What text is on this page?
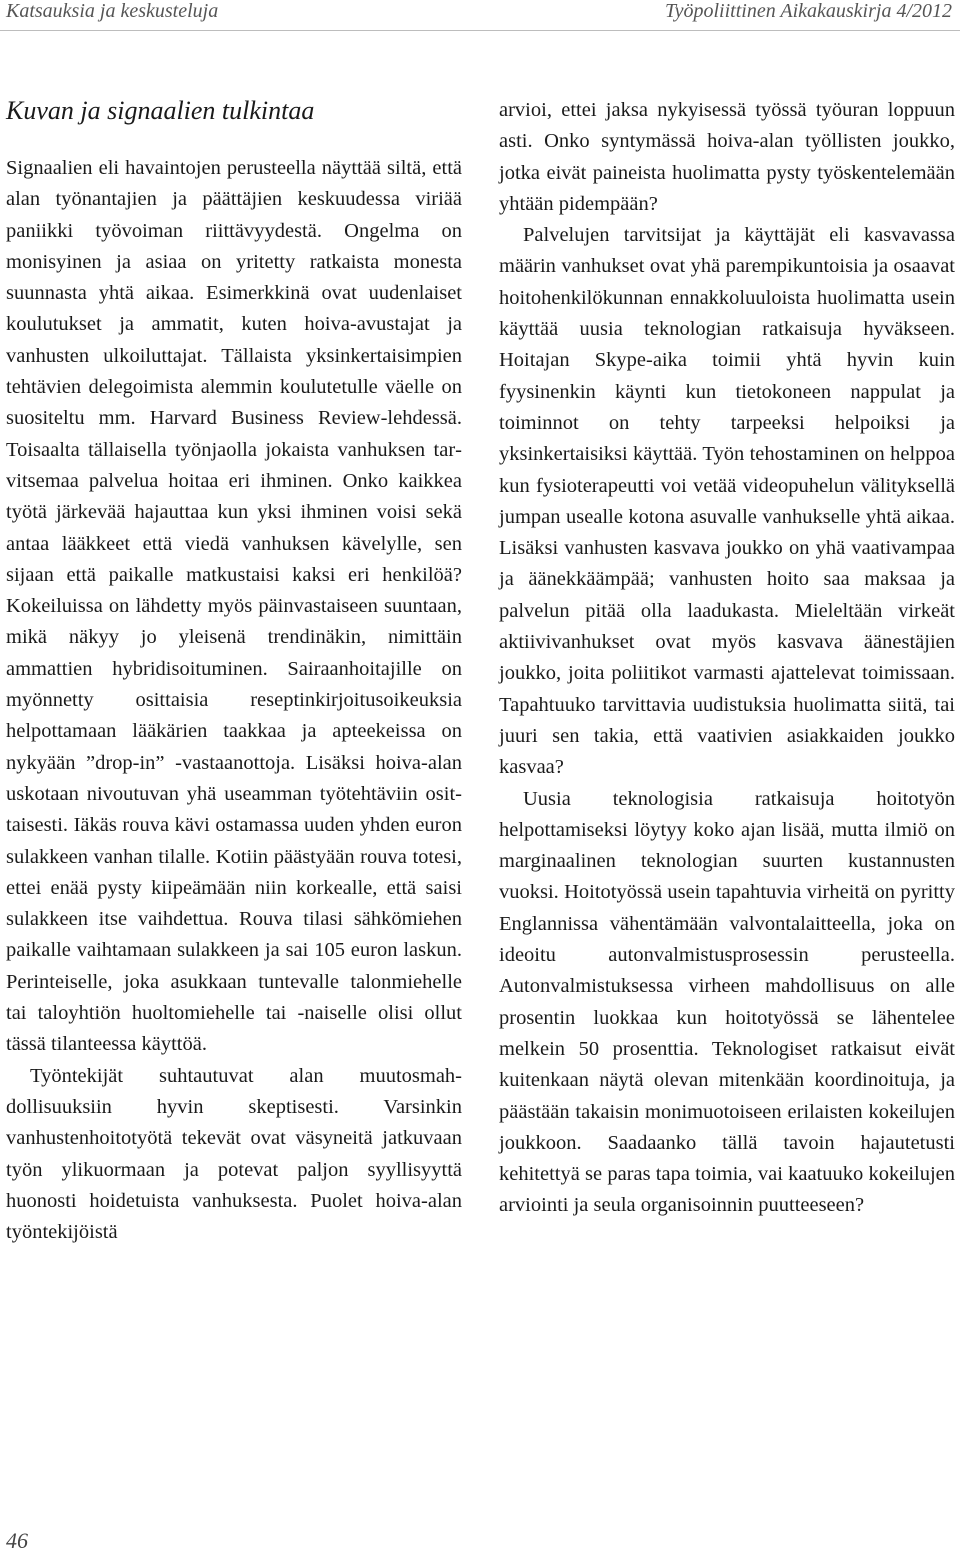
Katsauksia ja keskusteluja	Työpoliittinen Aikakauskirja 4/2012
Kuvan ja signaalien tulkintaa

Signaalien eli havaintojen perusteella näyttää siltä, että alan työnantajien ja päättäjien keskuudessa viriää paniikki työvoiman riittävyydestä. Ongelma on monisyinen ja asiaa on yritetty ratkaista monesta suunnasta yhtä aikaa. Esimerkkinä ovat uudenlaiset koulutukset ja ammatit, kuten hoiva-avustajat ja vanhusten ulkoiluttajat. Tällaista yksinkertaisimpien tehtävien delegoimista alemmin koulutetulle väelle on suositeltu mm. Harvard Business Review-lehdessä. Toisaalta tällaisella työnjaolla jokaista vanhuksen tarvitsemaa palvelua hoitaa eri ihminen. Onko kaikkea työtä järkevää hajauttaa kun yksi ihminen voisi sekä antaa lääkkeet että viedä vanhuksen kävelylle, sen sijaan että paikalle matkustaisi kaksi eri henkilöä? Kokeiluissa on lähdetty myös päinvastaiseen suuntaan, mikä näkyy jo yleisenä trendinäkin, nimittäin ammattien hybridisoituminen. Sairaanhoitajille on myönnetty osittaisia reseptinkirjoitusoikeuksia helpottamaan lääkärien taakkaa ja apteekeissa on nykyään ”drop-in” -vastaanottoja. Lisäksi hoiva-alan uskotaan nivoutuvan yhä useamman työtehtäviin osittaisesti. Iäkäs rouva kävi ostamassa uuden yhden euron sulakkeen vanhan tilalle. Kotiin päästyään rouva totesi, ettei enää pysty kiipeämään niin korkealle, että saisi sulakkeen itse vaihdettua. Rouva tilasi sähkömiehen paikalle vaihtamaan sulakkeen ja sai 105 euron laskun. Perinteiselle, joka asukkaan tuntevalle talonmiehelle tai taloyhtiön huoltomiehelle tai -naiselle olisi ollut tässä tilanteessa käyttöä.

Työntekijät suhtautuvat alan muutosmahdollisuuksiin hyvin skeptisesti. Varsinkin vanhustenhoitotyötä tekevät ovat väsyneitä jatkuvaan työn ylikuormaan ja potevat paljon syyllisyyttä huonosti hoidetuista vanhuksesta. Puolet hoiva-alan työntekijöistä

arvioi, ettei jaksa nykyisessä työssä työuran loppuun asti. Onko syntymässä hoiva-alan työllisten joukko, jotka eivät paineista huolimatta pysty työskentelemään yhtään pidempään?

Palvelujen tarvitsijat ja käyttäjät eli kasvavassa määrin vanhukset ovat yhä parempikuntoisia ja osaavat hoitohenkilökunnan ennakkoluuloista huolimatta usein käyttää uusia teknologian ratkaisuja hyväkseen. Hoitajan Skype-aika toimii yhtä hyvin kuin fyysinenkin käynti kun tietokoneen nappulat ja toiminnot on tehty tarpeeksi helpoiksi ja yksinkertaisiksi käyttää. Työn tehostaminen on helppoa kun fysioterapeutti voi vetää videopuhelun välityksellä jumpan usealle kotona asuvalle vanhukselle yhtä aikaa. Lisäksi vanhusten kasvava joukko on yhä vaativampaa ja äänekkäämpää; vanhusten hoito saa maksaa ja palvelun pitää olla laadukasta. Mieleltään virkeät aktiivivanhukset ovat myös kasvava äänestäjien joukko, joita poliitikot varmasti ajattelevat toimissaan. Tapahtuuko tarvittavia uudistuksia huolimatta siitä, tai juuri sen takia, että vaativien asiakkaiden joukko kasvaa?

Uusia teknologisia ratkaisuja hoitotyön helpottamiseksi löytyy koko ajan lisää, mutta ilmiö on marginaalinen teknologian suurten kustannusten vuoksi. Hoitotyössä usein tapahtuvia virheitä on pyritty Englannissa vähentämään valvontalaitteella, joka on ideoitu autonvalmistusprosessin perusteella. Autonvalmistuksessa virheen mahdollisuus on alle prosentin luokkaa kun hoitotyössä se lähentelee melkein 50 prosenttia. Teknologiset ratkaisut eivät kuitenkaan näytä olevan mitenkään koordinoituja, ja päästään takaisin monimuotoiseen erilaisten kokeilujen joukkoon. Saadaanko tällä tavoin hajautetusti kehitettyä se paras tapa toimia, vai kaatuuko kokeilujen arviointi ja seula organisoinnin puutteeseen?

46
